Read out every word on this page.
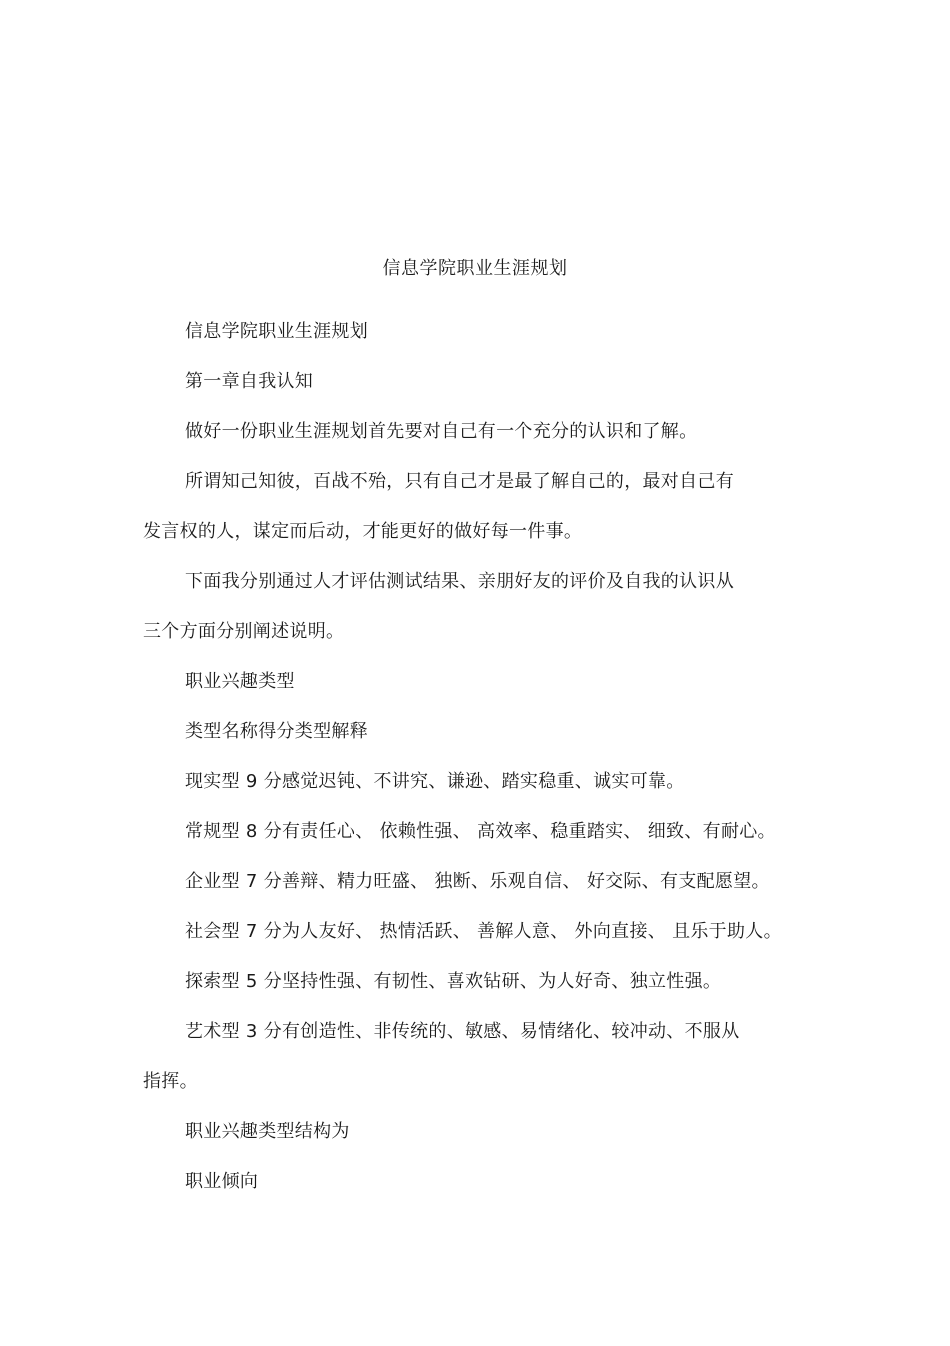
信息学院职业生涯规划
信息学院职业生涯规划
第一章自我认知
做好一份职业生涯规划首先要对自己有一个充分的认识和了解。
所谓知己知彼，百战不殆，只有自己才是最了解自己的，最对自己有
发言权的人，谋定而后动，才能更好的做好每一件事。
下面我分别通过人才评估测试结果、亲朋好友的评价及自我的认识从
三个方面分别阐述说明。
职业兴趣类型
类型名称得分类型解释
现实型 9 分感觉迟钝、不讲究、谦逊、踏实稳重、诚实可靠。
常规型 8 分有责任心、 依赖性强、 高效率、稳重踏实、 细致、有耐心。
企业型 7 分善辩、精力旺盛、 独断、乐观自信、 好交际、有支配愿望。
社会型 7 分为人友好、 热情活跃、 善解人意、 外向直接、 且乐于助人。
探索型 5 分坚持性强、有韧性、喜欢钻研、为人好奇、独立性强。
艺术型 3 分有创造性、非传统的、敏感、易情绪化、较冲动、不服从
指挥。
职业兴趣类型结构为
职业倾向
